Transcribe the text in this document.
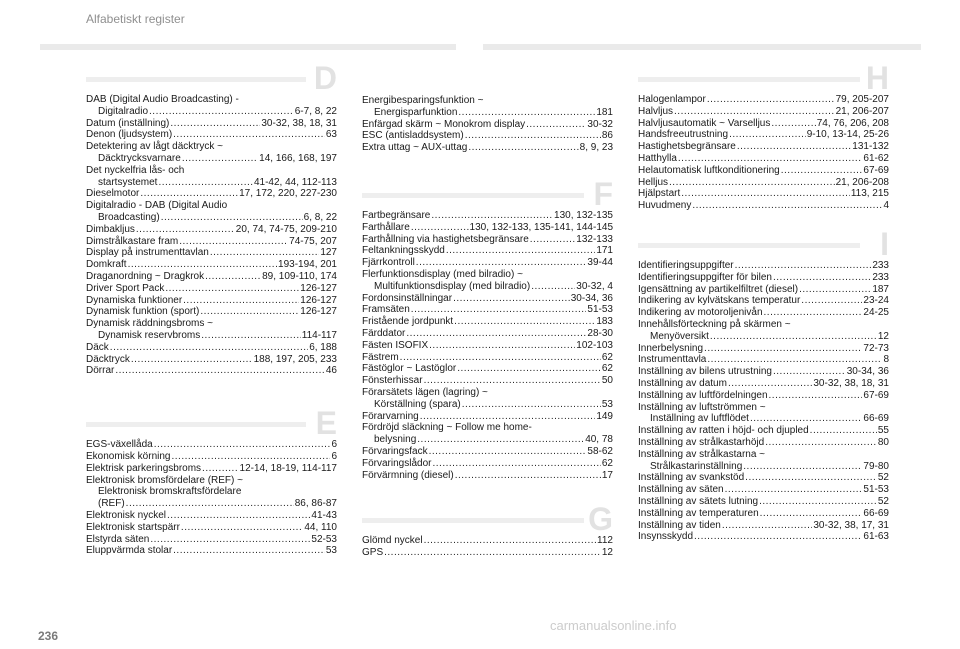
Alfabetiskt register
D
DAB (Digital Audio Broadcasting) -
Digitalradio .....	6-7, 8, 22
Datum (inställning) .....	30-32, 38, 18, 31
Denon (ljudsystem) .....	63
Detektering av lågt däcktryck ~
Däcktrycksvarnare .....	14, 166, 168, 197
Det nyckelfria lås- och
startsystemet .....	41-42, 44, 112-113
Dieselmotor .....	17, 172, 220, 227-230
Digitalradio - DAB (Digital Audio
Broadcasting) .....	6, 8, 22
Dimbakljus .....	20, 74, 74-75, 209-210
Dimstrålkastare fram .....	74-75, 207
Display på instrumenttavlan .....	127
Domkraft .....	193-194, 201
Draganordning ~ Dragkrok .....	89, 109-110, 174
Driver Sport Pack .....	126-127
Dynamiska funktioner .....	126-127
Dynamisk funktion (sport) .....	126-127
Dynamisk räddningsbroms ~
Dynamisk reservbroms .....	114-117
Däck .....	6, 188
Däcktryck .....	188, 197, 205, 233
Dörrar .....	46
E
EGS-växellåda .....	6
Ekonomisk körning .....	6
Elektrisk parkeringsbroms .....	12-14, 18-19, 114-117
Elektronisk bromsfördelare (REF) ~
Elektronisk bromskraftsfördelare
(REF) .....	86, 86-87
Elektronisk nyckel .....	41-43
Elektronisk startspärr .....	44, 110
Elstyrda säten .....	52-53
Eluppvärmda stolar .....	53
Energibesparingsfunktion ~
Energisparfunktion .....	181
Enfärgad skärm ~ Monokrom display .....	30-32
ESC (antisladdsystem) .....	86
Extra uttag ~ AUX-uttag .....	8, 9, 23
F
Fartbegränsare .....	130, 132-135
Farthållare .....	130, 132-133, 135-141, 144-145
Farthållning via hastighetsbegränsare .....	132-133
Feltankningsskydd .....	171
Fjärrkontroll .....	39-44
Flerfunktionsdisplay (med bilradio) ~
Multifunktionsdisplay (med bilradio) .....	30-32, 4
Fordonsinställningar .....	30-34, 36
Framsäten .....	51-53
Fristående jordpunkt .....	183
Färddator .....	28-30
Fästen ISOFIX .....	102-103
Fästrem .....	62
Fästöglor ~ Lastöglor .....	62
Fönsterhissar .....	50
Förarsätets lägen (lagring) ~
Körställning (spara) .....	53
Förarvarning .....	149
Fördröjd släckning ~ Follow me home-
belysning .....	40, 78
Förvaringsfack .....	58-62
Förvaringslådor .....	62
Förvärmning (diesel) .....	17
G
Glömd nyckel .....	112
GPS .....	12
H
Halogenlampor .....	79, 205-207
Halvljus .....	21, 206-207
Halvljusautomatik ~ Varselljus .....	74, 76, 206, 208
Handsfreeutrustning .....	9-10, 13-14, 25-26
Hastighetsbegränsare .....	131-132
Hatthylla .....	61-62
Helautomatisk luftkonditionering .....	67-69
Helljus .....	21, 206-208
Hjälpstart .....	113, 215
Huvudmeny .....	4
I
Identifieringsuppgifter .....	233
Identifieringsuppgifter för bilen .....	233
Igensättning av partikelfiltret (diesel) .....	187
Indikering av kylvätskans temperatur .....	23-24
Indikering av motoroljenivån .....	24-25
Innehållsförteckning på skärmen ~
Menyöversikt .....	12
Innerbelysning .....	72-73
Instrumenttavla .....	8
Inställning av bilens utrustning .....	30-34, 36
Inställning av datum .....	30-32, 38, 18, 31
Inställning av luftfördelningen .....	67-69
Inställning av luftströmmen ~
Inställning av luftflödet .....	66-69
Inställning av ratten i höjd- och djupled .....	55
Inställning av strålkastarhöjd .....	80
Inställning av strålkastarna ~
Strålkastarinställning .....	79-80
Inställning av svankstöd .....	52
Inställning av säten .....	51-53
Inställning av sätets lutning .....	52
Inställning av temperaturen .....	66-69
Inställning av tiden .....	30-32, 38, 17, 31
Insynsskydd .....	61-63
236
carmanualsonline.info
